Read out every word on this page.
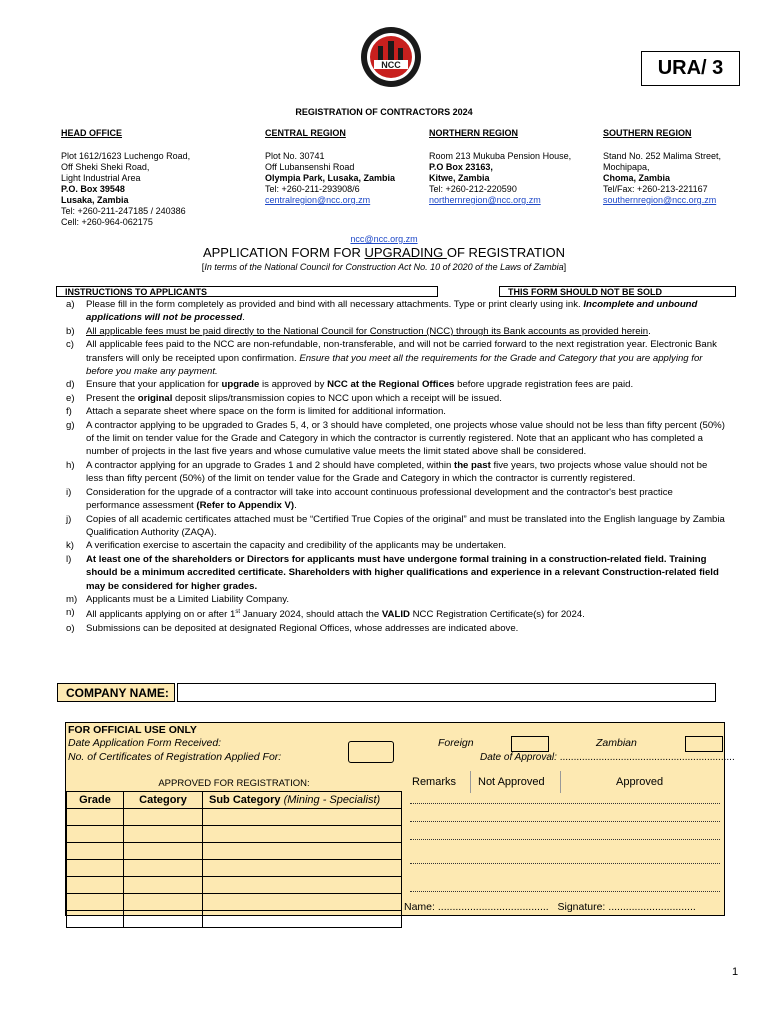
NCC	URA/ 3
REGISTRATION OF CONTRACTORS 2024
HEAD OFFICE
Plot 1612/1623 Luchengo Road,
Off Sheki Sheki Road,
Light Industrial Area
P.O. Box 39548
Lusaka, Zambia
Tel: +260-211-247185 / 240386
Cell: +260-964-062175
CENTRAL REGION
Plot No. 30741
Off Lubansenshi Road
Olympia Park, Lusaka, Zambia
Tel: +260-211-293908/6
centralregion@ncc.org.zm
NORTHERN REGION
Room 213 Mukuba Pension House,
P.O Box 23163,
Kitwe, Zambia
Tel: +260-212-220590
northernregion@ncc.org.zm
SOUTHERN REGION
Stand No. 252 Malima Street,
Mochipapa,
Choma, Zambia
Tel/Fax: +260-213-221167
southernregion@ncc.org.zm
ncc@ncc.org.zm
APPLICATION FORM FOR UPGRADING OF REGISTRATION
[In terms of the National Council for Construction Act No. 10 of 2020 of the Laws of Zambia]
INSTRUCTIONS TO APPLICANTS	THIS FORM SHOULD NOT BE SOLD
a) Please fill in the form completely as provided and bind with all necessary attachments. Type or print clearly using ink. Incomplete and unbound applications will not be processed.
b) All applicable fees must be paid directly to the National Council for Construction (NCC) through its Bank accounts as provided herein.
c) All applicable fees paid to the NCC are non-refundable, non-transferable, and will not be carried forward to the next registration year. Electronic Bank transfers will only be receipted upon confirmation. Ensure that you meet all the requirements for the Grade and Category that you are applying for before you make any payment.
d) Ensure that your application for upgrade is approved by NCC at the Regional Offices before upgrade registration fees are paid.
e) Present the original deposit slips/transmission copies to NCC upon which a receipt will be issued.
f) Attach a separate sheet where space on the form is limited for additional information.
g) A contractor applying to be upgraded to Grades 5, 4, or 3 should have completed, one projects whose value should not be less than fifty percent (50%) of the limit on tender value for the Grade and Category in which the contractor is currently registered. Note that an applicant who has completed a number of projects in the last five years and whose cumulative value meets the limit stated above shall be considered.
h) A contractor applying for an upgrade to Grades 1 and 2 should have completed, within the past five years, two projects whose value should not be less than fifty percent (50%) of the limit on tender value for the Grade and Category in which the contractor is currently registered.
i) Consideration for the upgrade of a contractor will take into account continuous professional development and the contractor's best practice performance assessment (Refer to Appendix V).
j) Copies of all academic certificates attached must be “Certified True Copies of the original” and must be translated into the English language by Zambia Qualification Authority (ZAQA).
k) A verification exercise to ascertain the capacity and credibility of the applicants may be undertaken.
l) At least one of the shareholders or Directors for applicants must have undergone formal training in a construction-related field. Training should be a minimum accredited certificate. Shareholders with higher qualifications and experience in a relevant Construction-related field may be considered for higher grades.
m) Applicants must be a Limited Liability Company.
n) All applicants applying on or after 1st January 2024, should attach the VALID NCC Registration Certificate(s) for 2024.
o) Submissions can be deposited at designated Regional Offices, whose addresses are indicated above.
COMPANY NAME:
FOR OFFICIAL USE ONLY
Date Application Form Received:
No. of Certificates of Registration Applied For:
Foreign	Zambian
Date of Approval: ...............................................................
APPROVED FOR REGISTRATION:
Grade	Category	Sub Category (Mining - Specialist)

Remarks Not Approved	Approved
Name: ...................................... Signature: ..............................
1
